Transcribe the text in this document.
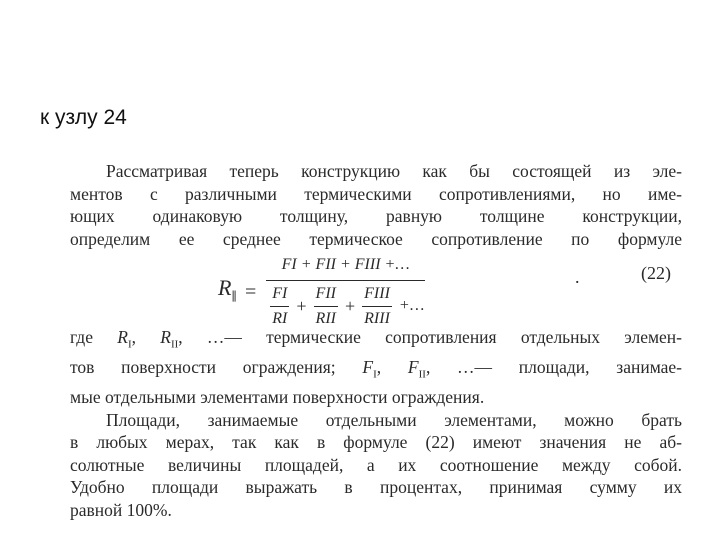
к узлу 24
Рассматривая теперь конструкцию как бы состоящей из эле-
ментов с различными термическими сопротивлениями, но име-
ющих одинаковую толщину, равную толщине конструкции,
определим ее среднее термическое сопротивление по формуле
$R_\parallel$ =
FI + FII + FIII +…
$\frac{FI}{RI} + \frac{\text{FII}}{\text{RII}} + \frac{\text{FIII}}{\text{RIII}}$ +…
.	(22)
где $R_I$, $R_{II}$, …— термические сопротивления отдельных элемен-
тов поверхности ограждения; $F_I$, $F_{II}$, …— площади, занимае-
мые отдельными элементами поверхности ограждения.
Площади, занимаемые отдельными элементами, можно брать
в любых мерах, так как в формуле (22) имеют значения не аб-
солютные величины площадей, а их соотношение между собой.
Удобно площади выражать в процентах, принимая сумму их
равной 100%.
